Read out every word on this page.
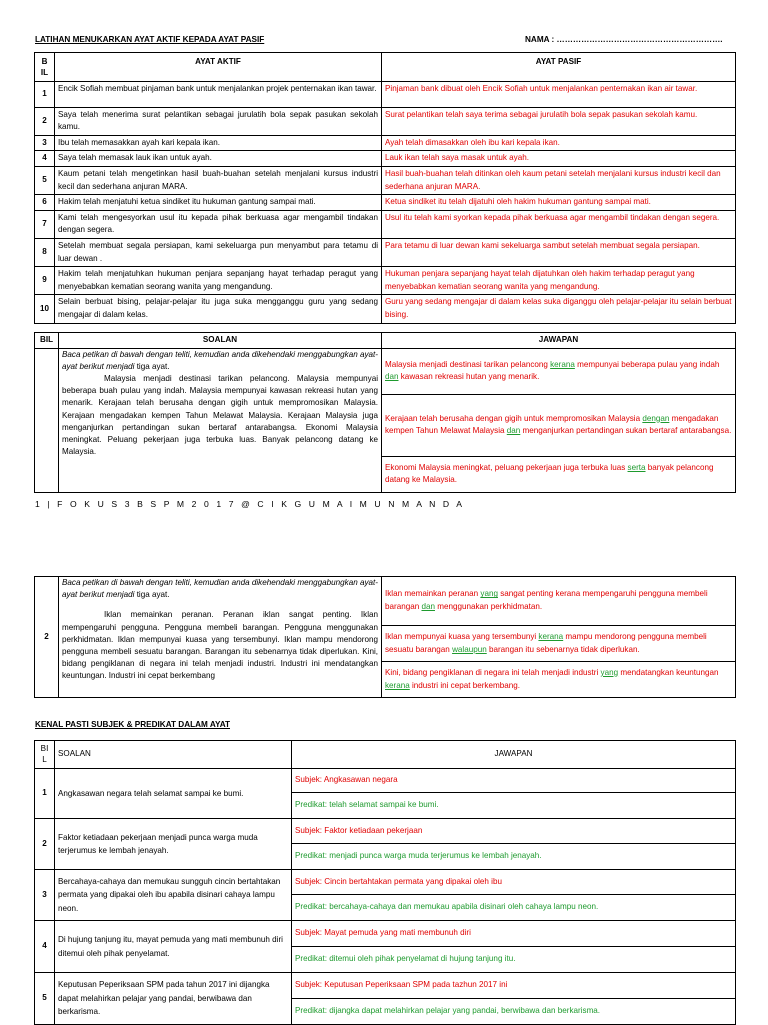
LATIHAN MENUKARKAN AYAT AKTIF KEPADA AYAT PASIF	NAMA : …………………………………………………….
BIL	AYAT AKTIF	AYAT PASIF
1	Encik Sofiah membuat pinjaman bank untuk menjalankan projek penternakan ikan tawar.	Pinjaman bank dibuat oleh Encik Sofiah untuk menjalankan penternakan ikan air tawar.
2	Saya telah menerima surat pelantikan sebagai jurulatih bola sepak pasukan sekolah kamu.	Surat pelantikan telah saya terima sebagai jurulatih bola sepak pasukan sekolah kamu.
3	Ibu telah memasakkan ayah kari kepala ikan.	Ayah telah dimasakkan oleh ibu kari kepala ikan.
4	Saya telah memasak lauk ikan untuk ayah.	Lauk ikan telah saya masak untuk ayah.
5	Kaum petani telah mengetinkan hasil buah-buahan setelah menjalani kursus industri kecil dan sederhana anjuran MARA.	Hasil buah-buahan telah ditinkan oleh kaum petani setelah menjalani kursus industri kecil dan sederhana anjuran MARA.
6	Hakim telah menjatuhi ketua sindiket itu hukuman gantung sampai mati.	Ketua sindiket itu telah dijatuhi oleh hakim hukuman gantung sampai mati.
7	Kami telah mengesyorkan usul itu kepada pihak berkuasa agar mengambil tindakan dengan segera.	Usul itu telah kami syorkan kepada pihak berkuasa agar mengambil tindakan dengan segera.
8	Setelah membuat segala persiapan, kami sekeluarga pun menyambut para tetamu di luar dewan .	Para tetamu di luar dewan kami sekeluarga sambut setelah membuat segala persiapan.
9	Hakim telah menjatuhkan hukuman penjara sepanjang hayat terhadap peragut yang menyebabkan kematian seorang wanita yang mengandung.	Hukuman penjara sepanjang hayat telah dijatuhkan oleh hakim terhadap peragut yang menyebabkan kematian seorang wanita yang mengandung.
10	Selain berbuat bising, pelajar-pelajar itu juga suka mengganggu guru yang sedang mengajar di dalam kelas.	Guru yang sedang mengajar di dalam kelas suka diganggu oleh pelajar-pelajar itu selain berbuat bising.
BIL	SOALAN	JAWAPAN
	Baca petikan di bawah dengan teliti, kemudian anda dikehendaki menggabungkan ayat-ayat berikut menjadi tiga ayat.
Malaysia menjadi destinasi tarikan pelancong. Malaysia mempunyai beberapa buah pulau yang indah. Malaysia mempunyai kawasan rekreasi hutan yang menarik. Kerajaan telah berusaha dengan gigih untuk mempromosikan Malaysia. Kerajaan mengadakan kempen Tahun Melawat Malaysia. Kerajaan Malaysia juga menganjurkan pertandingan sukan bertaraf antarabangsa. Ekonomi Malaysia meningkat. Peluang pekerjaan juga terbuka luas. Banyak pelancong datang ke Malaysia.	Malaysia menjadi destinasi tarikan pelancong kerana mempunyai beberapa pulau yang indah dan kawasan rekreasi hutan yang menarik.
		Kerajaan telah berusaha dengan gigih untuk mempromosikan Malaysia dengan mengadakan kempen Tahun Melawat Malaysia dan menganjurkan pertandingan sukan bertaraf antarabangsa.
		Ekonomi Malaysia meningkat, peluang pekerjaan juga terbuka luas serta banyak pelancong datang ke Malaysia.
1 | F O K U S 3 B S P M 2 0 1 7 @ C I K G U M A I M U N M A N D A
2	Baca petikan di bawah dengan teliti, kemudian anda dikehendaki menggabungkan ayat-ayat berikut menjadi tiga ayat.

Iklan memainkan peranan. Peranan iklan sangat penting. Iklan mempengaruhi pengguna. Pengguna membeli barangan. Pengguna menggunakan perkhidmatan. Iklan mempunyai kuasa yang tersembunyi. Iklan mampu mendorong pengguna membeli sesuatu barangan. Barangan itu sebenarnya tidak diperlukan. Kini, bidang pengiklanan di negara ini telah menjadi industri. Industri ini mendatangkan keuntungan. Industri ini cepat berkembang	Iklan memainkan peranan yang sangat penting kerana mempengaruhi pengguna membeli barangan dan menggunakan perkhidmatan.
Iklan mempunyai kuasa yang tersembunyi kerana mampu mendorong pengguna membeli sesuatu barangan walaupun barangan itu sebenarnya tidak diperlukan.
Kini, bidang pengiklanan di negara ini telah menjadi industri yang mendatangkan keuntungan kerana industri ini cepat berkembang.
KENAL PASTI SUBJEK & PREDIKAT DALAM AYAT
BIL	SOALAN	JAWAPAN
1	Angkasawan negara telah selamat sampai ke bumi.	Subjek: Angkasawan negara
		Predikat: telah selamat sampai ke bumi.
2	Faktor ketiadaan pekerjaan menjadi punca warga muda terjerumus ke lembah jenayah.	Subjek: Faktor ketiadaan pekerjaan
		Predikat: menjadi punca warga muda terjerumus ke lembah jenayah.
3	Bercahaya-cahaya dan memukau sungguh cincin bertahtakan permata yang dipakai oleh ibu apabila disinari cahaya lampu neon.	Subjek: Cincin bertahtakan permata yang dipakai oleh ibu
		Predikat: bercahaya-cahaya dan memukau apabila disinari oleh cahaya lampu neon.
4	Di hujung tanjung itu, mayat pemuda yang mati membunuh diri ditemui oleh pihak penyelamat.	Subjek: Mayat pemuda yang mati membunuh diri
		Predikat: ditemui oleh pihak penyelamat di hujung tanjung itu.
5	Keputusan Peperiksaan SPM pada tahun 2017 ini dijangka dapat melahirkan pelajar yang pandai, berwibawa dan berkarisma.	Subjek: Keputusan Peperiksaan SPM pada tazhun 2017 ini
		Predikat: dijangka dapat melahirkan pelajar yang pandai, berwibawa dan berkarisma.
